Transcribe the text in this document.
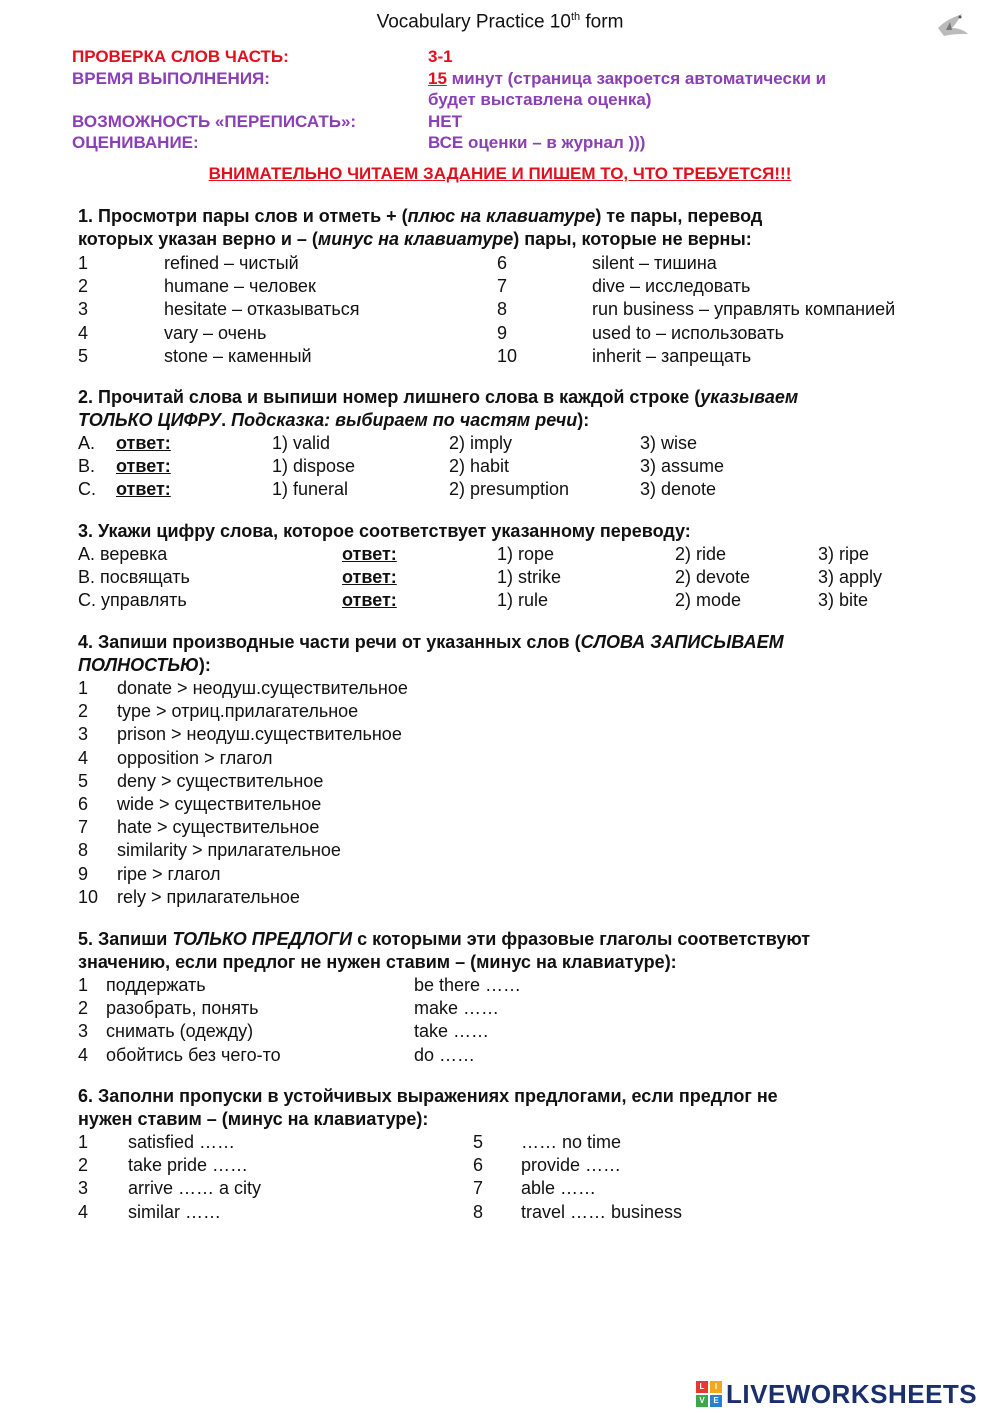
Vocabulary Practice 10th form
ПРОВЕРКА СЛОВ ЧАСТЬ:	3-1
ВРЕМЯ ВЫПОЛНЕНИЯ:	15 минут (страница закроется автоматически и
будет выставлена оценка)
ВОЗМОЖНОСТЬ «ПЕРЕПИСАТЬ»:	НЕТ
ОЦЕНИВАНИЕ:	ВСЕ оценки – в журнал )))
ВНИМАТЕЛЬНО ЧИТАЕМ ЗАДАНИЕ И ПИШЕМ ТО, ЧТО ТРЕБУЕТСЯ!!!
1. Просмотри пары слов и отметь + (плюс на клавиатуре) те пары, перевод
которых указан верно и – (минус на клавиатуре) пары, которые не верны:
1	refined – чистый
2	humane – человек
3	hesitate – отказываться
4	vary – очень
5	stone – каменный
6	silent – тишина
7	dive – исследовать
8	run business – управлять компанией
9	used to – использовать
10	inherit – запрещать
2. Прочитай слова и выпиши номер лишнего слова в каждой строке (указываем
ТОЛЬКО ЦИФРУ. Подсказка: выбираем по частям речи):
A. ответ:	1) valid	2) imply	3) wise
B. ответ:	1) dispose	2) habit	3) assume
C. ответ:	1) funeral	2) presumption	3) denote
3. Укажи цифру слова, которое соответствует указанному переводу:
A. веревка	ответ:	1) rope	2) ride	3) ripe
B. посвящать	ответ:	1) strike	2) devote	3) apply
C. управлять	ответ:	1) rule	2) mode	3) bite
4. Запиши производные части речи от указанных слов (СЛОВА ЗАПИСЫВАЕМ
ПОЛНОСТЬЮ):
1 donate > неодуш.существительное
2 type > отриц.прилагательное
3 prison > неодуш.существительное
4 opposition > глагол
5 deny > существительное
6 wide > существительное
7 hate > существительное
8 similarity > прилагательное
9 ripe > глагол
10 rely > прилагательное
5. Запиши ТОЛЬКО ПРЕДЛОГИ с которыми эти фразовые глаголы соответствуют
значению, если предлог не нужен ставим – (минус на клавиатуре):
1 поддержать	be there ……
2 разобрать, понять	make ……
3 снимать (одежду)	take ……
4 обойтись без чего-то	do ……
6. Заполни пропуски в устойчивых выражениях предлогами, если предлог не
нужен ставим – (минус на клавиатуре):
1 satisfied ……
2 take pride ……
3 arrive …… a city
4 similar ……
5 …… no time
6 provide ……
7 able ……
8 travel …… business
L	I
V	E LIVEWORKSHEETS
